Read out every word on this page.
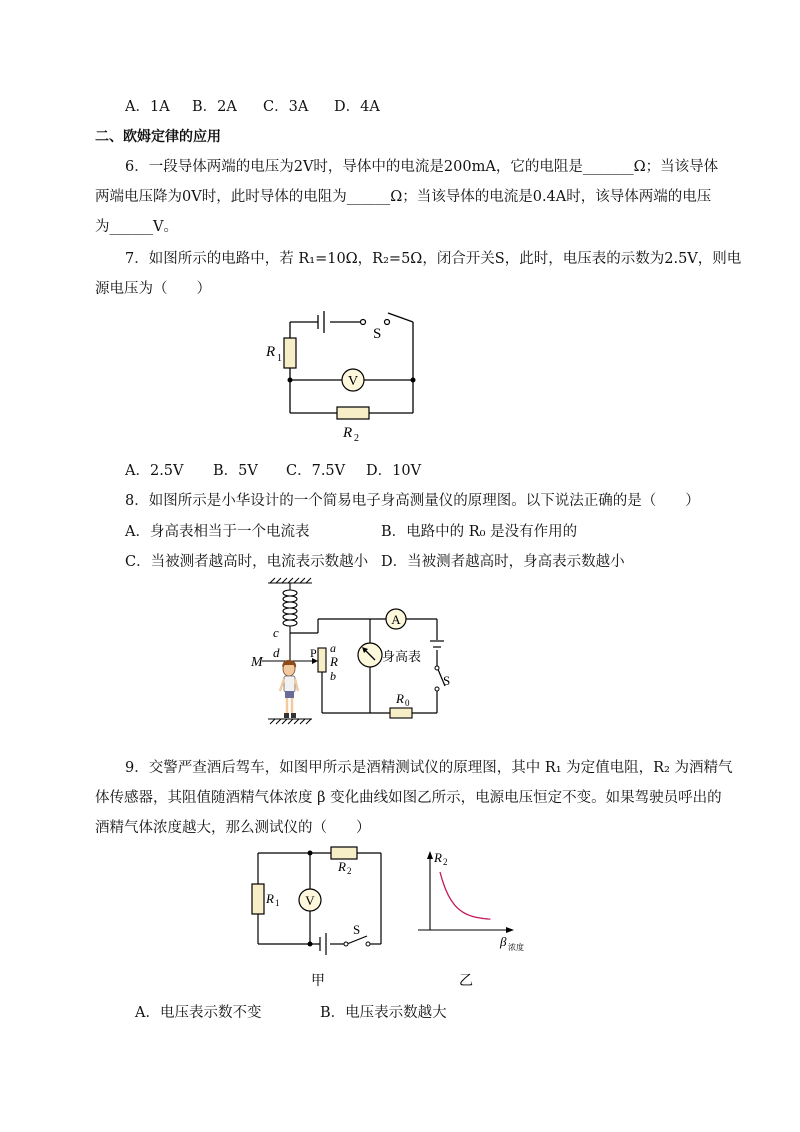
A．1A B．2A C．3A D．4A
二、欧姆定律的应用
6．一段导体两端的电压为2V时，导体中的电流是200mA，它的电阻是_______Ω；当该导体
两端电压降为0V时，此时导体的电阻为______Ω；当该导体的电流是0.4A时，该导体两端的电压
为______V。
7．如图所示的电路中，若 R₁=10Ω，R₂=5Ω，闭合开关S，此时，电压表的示数为2.5V，则电
源电压为（　　）
V
S
R 1
R 2
A．2.5V B．5V C．7.5V D．10V
8．如图所示是小华设计的一个简易电子身高测量仪的原理图。以下说法正确的是（　　）
A．身高表相当于一个电流表	B．电路中的 R₀ 是没有作用的
C．当被测者越高时，电流表示数越小 D．当被测者越高时，身高表示数越小
A
身高表
c
d
M
P a
R
b	S
R 0
9．交警严查酒后驾车，如图甲所示是酒精测试仪的原理图，其中 R₁ 为定值电阻，R₂ 为酒精气
体传感器，其阻值随酒精气体浓度 β 变化曲线如图乙所示，电源电压恒定不变。如果驾驶员呼出的
酒精气体浓度越大，那么测试仪的（　　）
V
R 1
R 2
S
R 2
β 浓度
甲	乙
A．电压表示数不变	B．电压表示数越大
